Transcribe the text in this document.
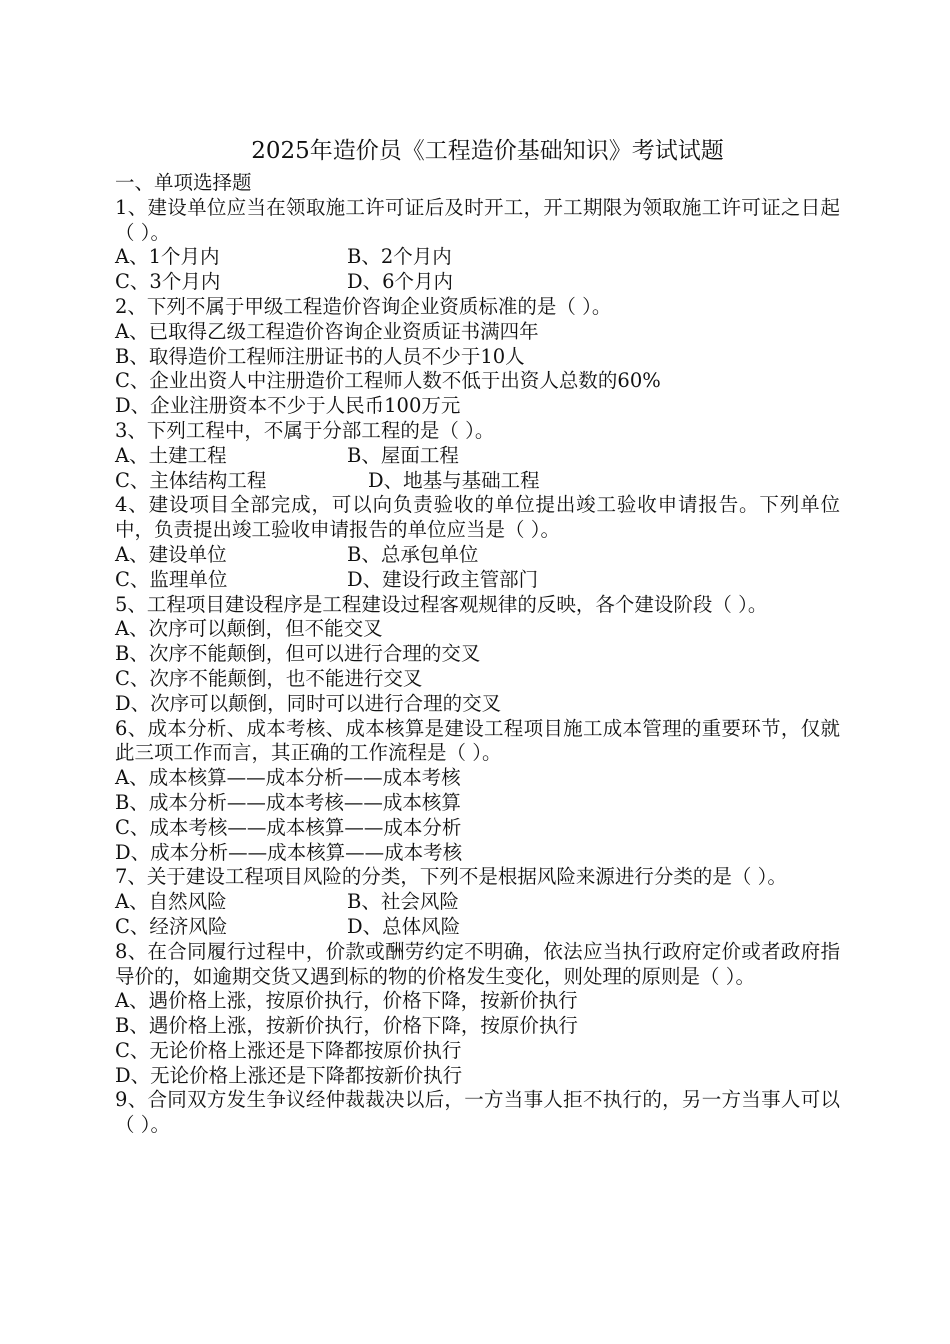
2025年造价员《工程造价基础知识》考试试题
一、单项选择题
1、建设单位应当在领取施工许可证后及时开工，开工期限为领取施工许可证之日起（ ）。
A、1个月内	B、2个月内
C、3个月内	D、6个月内
2、下列不属于甲级工程造价咨询企业资质标准的是（ ）。
A、已取得乙级工程造价咨询企业资质证书满四年
B、取得造价工程师注册证书的人员不少于10人
C、企业出资人中注册造价工程师人数不低于出资人总数的60%
D、企业注册资本不少于人民币100万元
3、下列工程中，不属于分部工程的是（ ）。
A、土建工程	B、屋面工程
C、主体结构工程	D、地基与基础工程
4、建设项目全部完成，可以向负责验收的单位提出竣工验收申请报告。下列单位中，负责提出竣工验收申请报告的单位应当是（ ）。
A、建设单位	B、总承包单位
C、监理单位	D、建设行政主管部门
5、工程项目建设程序是工程建设过程客观规律的反映，各个建设阶段（ ）。
A、次序可以颠倒，但不能交叉
B、次序不能颠倒，但可以进行合理的交叉
C、次序不能颠倒，也不能进行交叉
D、次序可以颠倒，同时可以进行合理的交叉
6、成本分析、成本考核、成本核算是建设工程项目施工成本管理的重要环节，仅就此三项工作而言，其正确的工作流程是（ ）。
A、成本核算——成本分析——成本考核
B、成本分析——成本考核——成本核算
C、成本考核——成本核算——成本分析
D、成本分析——成本核算——成本考核
7、关于建设工程项目风险的分类，下列不是根据风险来源进行分类的是（ ）。
A、自然风险	B、社会风险
C、经济风险	D、总体风险
8、在合同履行过程中，价款或酬劳约定不明确，依法应当执行政府定价或者政府指导价的，如逾期交货又遇到标的物的价格发生变化，则处理的原则是（ ）。
A、遇价格上涨，按原价执行，价格下降，按新价执行
B、遇价格上涨，按新价执行，价格下降，按原价执行
C、无论价格上涨还是下降都按原价执行
D、无论价格上涨还是下降都按新价执行
9、合同双方发生争议经仲裁裁决以后，一方当事人拒不执行的，另一方当事人可以（ ）。
